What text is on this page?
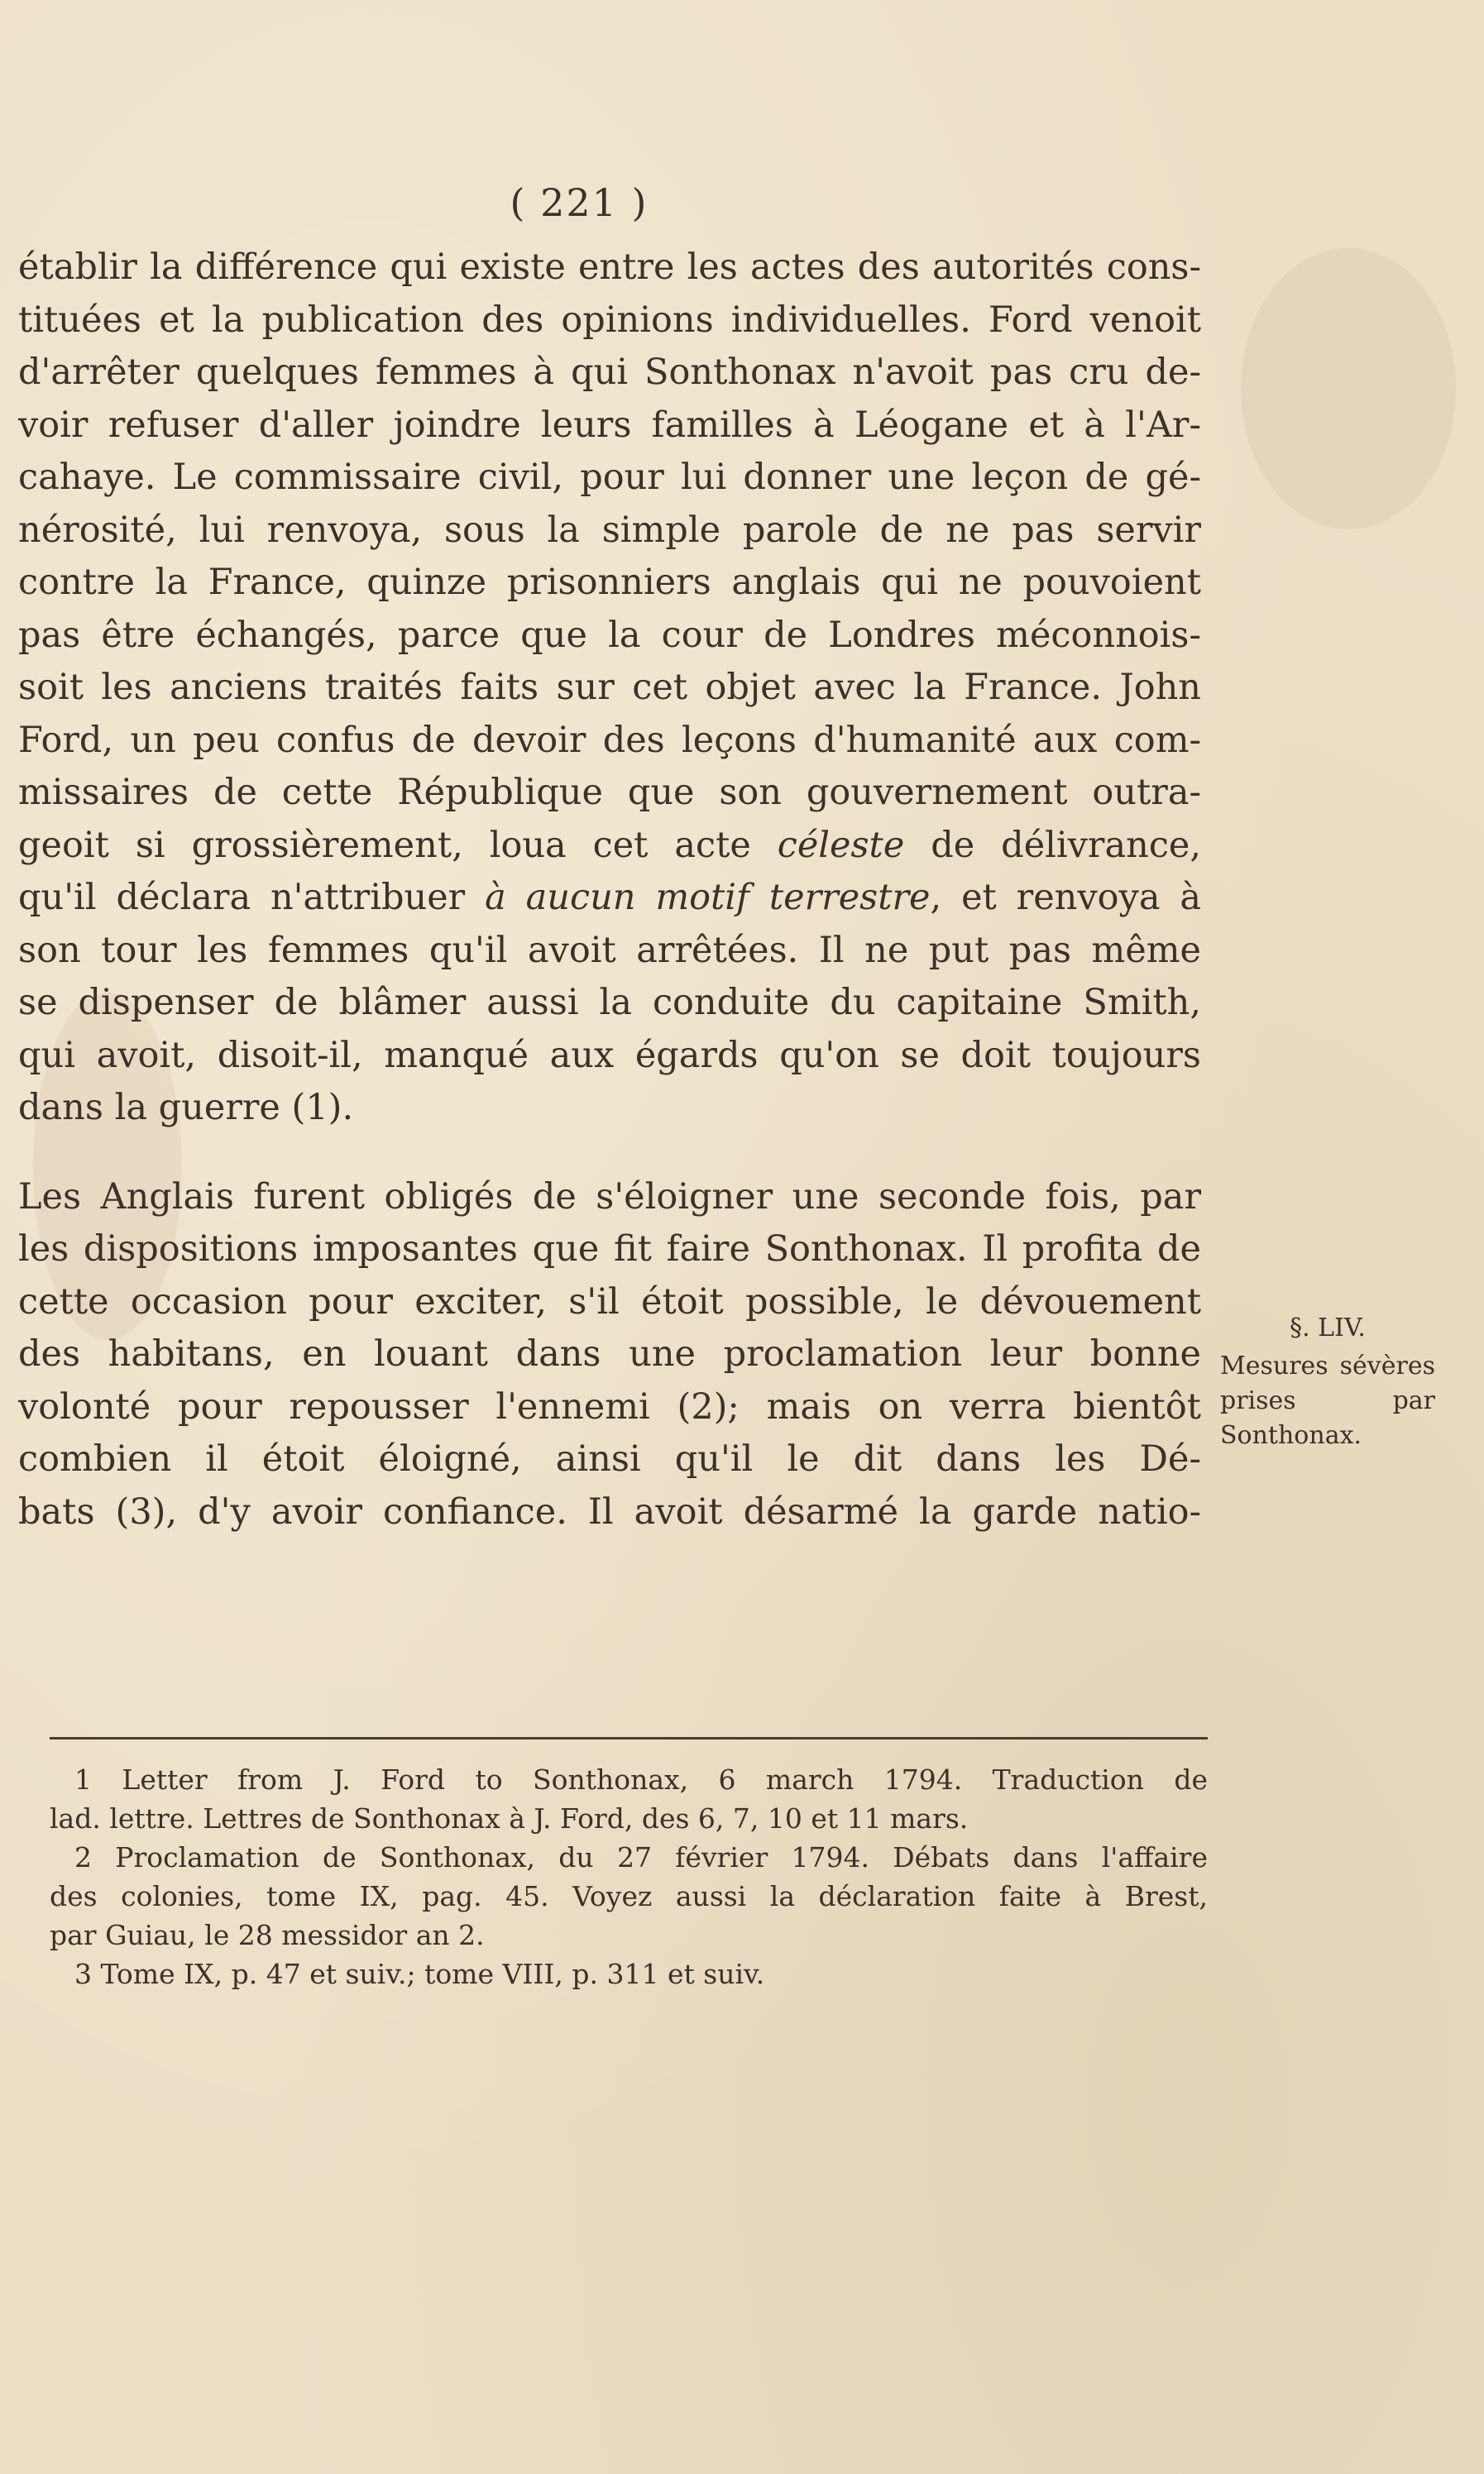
( 221 )
établir la différence qui existe entre les actes des autorités cons-
tituées et la publication des opinions individuelles. Ford venoit
d'arrêter quelques femmes à qui Sonthonax n'avoit pas cru de-
voir refuser d'aller joindre leurs familles à Léogane et à l'Ar-
cahaye. Le commissaire civil, pour lui donner une leçon de gé-
nérosité, lui renvoya, sous la simple parole de ne pas servir
contre la France, quinze prisonniers anglais qui ne pouvoient
pas être échangés, parce que la cour de Londres méconnois-
soit les anciens traités faits sur cet objet avec la France. John
Ford, un peu confus de devoir des leçons d'humanité aux com-
missaires de cette République que son gouvernement outra-
geoit si grossièrement, loua cet acte céleste de délivrance,
qu'il déclara n'attribuer à aucun motif terrestre, et renvoya à
son tour les femmes qu'il avoit arrêtées. Il ne put pas même
se dispenser de blâmer aussi la conduite du capitaine Smith,
qui avoit, disoit-il, manqué aux égards qu'on se doit toujours
dans la guerre (1).
Les Anglais furent obligés de s'éloigner une seconde fois, par
les dispositions imposantes que fit faire Sonthonax. Il profita de
cette occasion pour exciter, s'il étoit possible, le dévouement
des habitans, en louant dans une proclamation leur bonne
volonté pour repousser l'ennemi (2); mais on verra bientôt
combien il étoit éloigné, ainsi qu'il le dit dans les Dé-
bats (3), d'y avoir confiance. Il avoit désarmé la garde natio-
§. LIV.
Mesures sévères prises par Sonthonax.
1 Letter from J. Ford to Sonthonax, 6 march 1794. Traduction de
lad. lettre. Lettres de Sonthonax à J. Ford, des 6, 7, 10 et 11 mars.
2 Proclamation de Sonthonax, du 27 février 1794. Débats dans l'affaire
des colonies, tome IX, pag. 45. Voyez aussi la déclaration faite à Brest,
par Guiau, le 28 messidor an 2.
3 Tome IX, p. 47 et suiv.; tome VIII, p. 311 et suiv.
